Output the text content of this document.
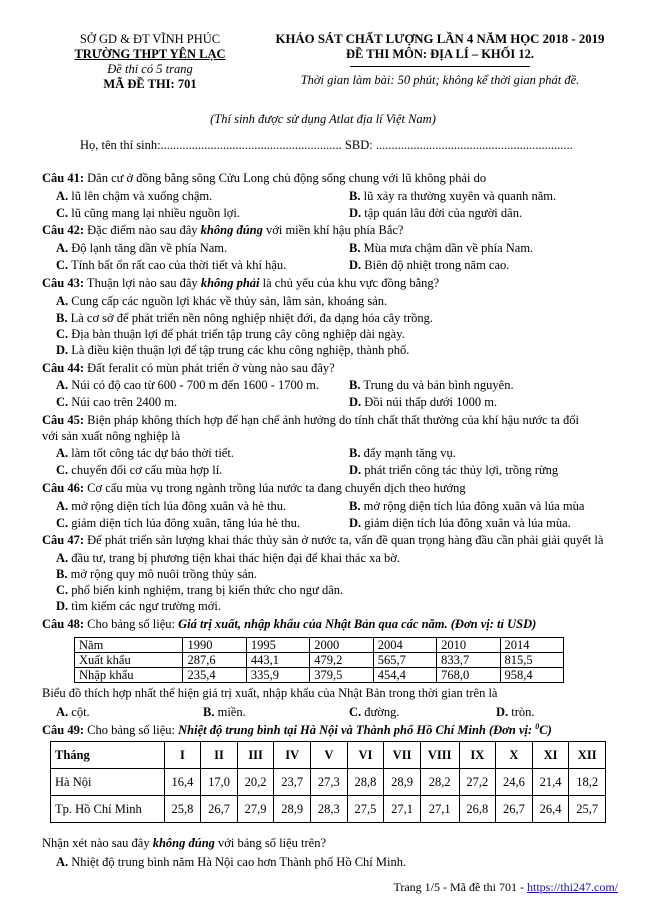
SỞ GD & ĐT VĨNH PHÚC
TRƯỜNG THPT YÊN LẠC
Đề thi có 5 trang
MÃ ĐỀ THI: 701
KHẢO SÁT CHẤT LƯỢNG LẦN 4 NĂM HỌC 2018 - 2019
ĐỀ THI MÔN: ĐỊA LÍ – KHỐI 12.
Thời gian làm bài: 50 phút; không kể thời gian phát đề.
(Thí sinh được sử dụng Atlat địa lí Việt Nam)
Họ, tên thí sinh:.......................................................... SBD: ...............................................................
Câu 41: Dân cư ở đồng bằng sông Cửu Long chủ động sống chung với lũ không phải do
A. lũ lên chậm và xuống chậm.	B. lũ xảy ra thường xuyên và quanh năm.
C. lũ cũng mang lại nhiều nguồn lợi.	D. tập quán lâu đời của người dân.
Câu 42: Đặc điểm nào sau đây không đúng với miền khí hậu phía Bắc?
A. Độ lạnh tăng dần về phía Nam.	B. Mùa mưa chậm dần về phía Nam.
C. Tính bất ổn rất cao của thời tiết và khí hậu.	D. Biên độ nhiệt trong năm cao.
Câu 43: Thuận lợi nào sau đây không phải là chủ yếu của khu vực đồng bằng?
A. Cung cấp các nguồn lợi khác về thủy sản, lâm sản, khoáng sản.
B. Là cơ sở để phát triển nền nông nghiệp nhiệt đới, đa dạng hóa cây trồng.
C. Địa bàn thuận lợi để phát triển tập trung cây công nghiệp dài ngày.
D. Là điều kiện thuận lợi để tập trung các khu công nghiệp, thành phố.
Câu 44: Đất feralit có mùn phát triển ở vùng nào sau đây?
A. Núi có độ cao từ 600 - 700 m đến 1600 - 1700 m. B. Trung du và bán bình nguyên.
C. Núi cao trên 2400 m.	D. Đồi núi thấp dưới 1000 m.
Câu 45: Biện pháp không thích hợp để hạn chế ảnh hưởng do tính chất thất thường của khí hậu nước ta đối
với sản xuất nông nghiệp là
A. làm tốt công tác dự báo thời tiết.	B. đẩy mạnh tăng vụ.
C. chuyển đổi cơ cấu mùa hợp lí.	D. phát triển công tác thủy lợi, trồng rừng
Câu 46: Cơ cấu mùa vụ trong ngành trồng lúa nước ta đang chuyển dịch theo hướng
A. mở rộng diện tích lúa đông xuân và hè thu.	B. mở rộng diện tích lúa đông xuân và lúa mùa
C. giảm diện tích lúa đông xuân, tăng lúa hè thu.	D. giảm diện tích lúa đông xuân và lúa mùa.
Câu 47: Để phát triển sản lượng khai thác thủy sản ở nước ta, vấn đề quan trọng hàng đầu cần phải giải quyết là
A. đầu tư, trang bị phương tiện khai thác hiện đại để khai thác xa bờ.
B. mở rộng quy mô nuôi trồng thủy sản.
C. phổ biến kinh nghiệm, trang bị kiến thức cho ngư dân.
D. tìm kiếm các ngư trường mới.
Câu 48: Cho bảng số liệu: Giá trị xuất, nhập khẩu của Nhật Bản qua các năm. (Đơn vị: tỉ USD)
Năm	1990	1995	2000	2004	2010	2014
Xuất khẩu	287,6	443,1	479,2	565,7	833,7	815,5
Nhập khẩu	235,4	335,9	379,5	454,4	768,0	958,4
Biểu đồ thích hợp nhất thể hiện giá trị xuất, nhập khẩu của Nhật Bản trong thời gian trên là
A. cột.	B. miền.	C. đường.	D. tròn.
Câu 49: Cho bảng số liệu: Nhiệt độ trung bình tại Hà Nội và Thành phố Hồ Chí Minh (Đơn vị: $^0$C)
Tháng	I	II	III	IV	V	VI	VII	VIII	IX	X	XI	XII
Hà Nội	16,4	17,0	20,2	23,7	27,3	28,8	28,9	28,2	27,2	24,6	21,4	18,2
Tp. Hồ Chí Minh	25,8	26,7	27,9	28,9	28,3	27,5	27,1	27,1	26,8	26,7	26,4	25,7
Nhận xét nào sau đây không đúng với bảng số liệu trên?
A. Nhiệt độ trung bình năm Hà Nội cao hơn Thành phố Hồ Chí Minh.
Trang 1/5 - Mã đề thi 701 - https://thi247.com/
